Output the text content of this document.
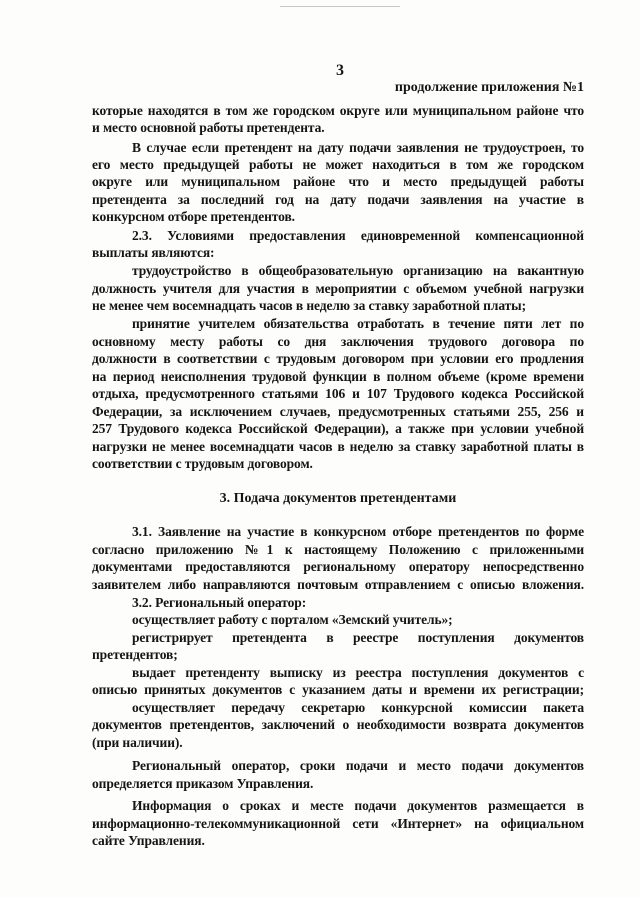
3
продолжение приложения №1
которые находятся в том же городском округе или муниципальном районе что
и место основной работы претендента.
В случае если претендент на дату подачи заявления не трудоустроен, то
его место предыдущей работы не может находиться в том же городском
округе или муниципальном районе что и место предыдущей работы
претендента за последний год на дату подачи заявления на участие в
конкурсном отборе претендентов.
2.3. Условиями предоставления единовременной компенсационной
выплаты являются:
трудоустройство в общеобразовательную организацию на вакантную
должность учителя для участия в мероприятии с объемом учебной нагрузки
не менее чем восемнадцать часов в неделю за ставку заработной платы;
принятие учителем обязательства отработать в течение пяти лет по
основному месту работы со дня заключения трудового договора по
должности в соответствии с трудовым договором при условии его продления
на период неисполнения трудовой функции в полном объеме (кроме времени
отдыха, предусмотренного статьями 106 и 107 Трудового кодекса Российской
Федерации, за исключением случаев, предусмотренных статьями 255, 256 и
257 Трудового кодекса Российской Федерации), а также при условии учебной
нагрузки не менее восемнадцати часов в неделю за ставку заработной платы в
соответствии с трудовым договором.
3. Подача документов претендентами
3.1. Заявление на участие в конкурсном отборе претендентов по форме
согласно приложению №1 к настоящему Положению с приложенными
документами предоставляются региональному оператору непосредственно
заявителем либо направляются почтовым отправлением с описью вложения.
3.2. Региональный оператор:
осуществляет работу с порталом «Земский учитель»;
регистрирует претендента в реестре поступления документов
претендентов;
выдает претенденту выписку из реестра поступления документов с
описью принятых документов с указанием даты и времени их регистрации;
осуществляет передачу секретарю конкурсной комиссии пакета
документов претендентов, заключений о необходимости возврата документов
(при наличии).
Региональный оператор, сроки подачи и место подачи документов
определяется приказом Управления.
Информация о сроках и месте подачи документов размещается в
информационно-телекоммуникационной сети «Интернет» на официальном
сайте Управления.
